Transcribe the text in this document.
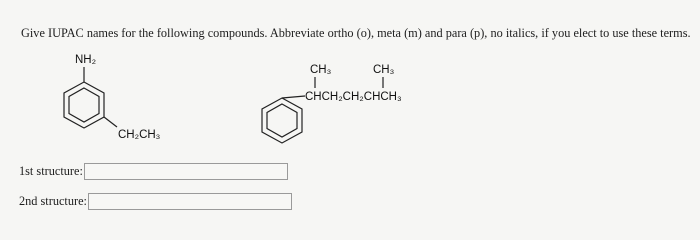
Give IUPAC names for the following compounds. Abbreviate ortho (o), meta (m) and para (p), no italics, if you elect to use these terms.
NH₂
CH₂CH₃
CH₃	CH₃
CHCH₂CH₂CHCH₃
1st structure:
2nd structure:
